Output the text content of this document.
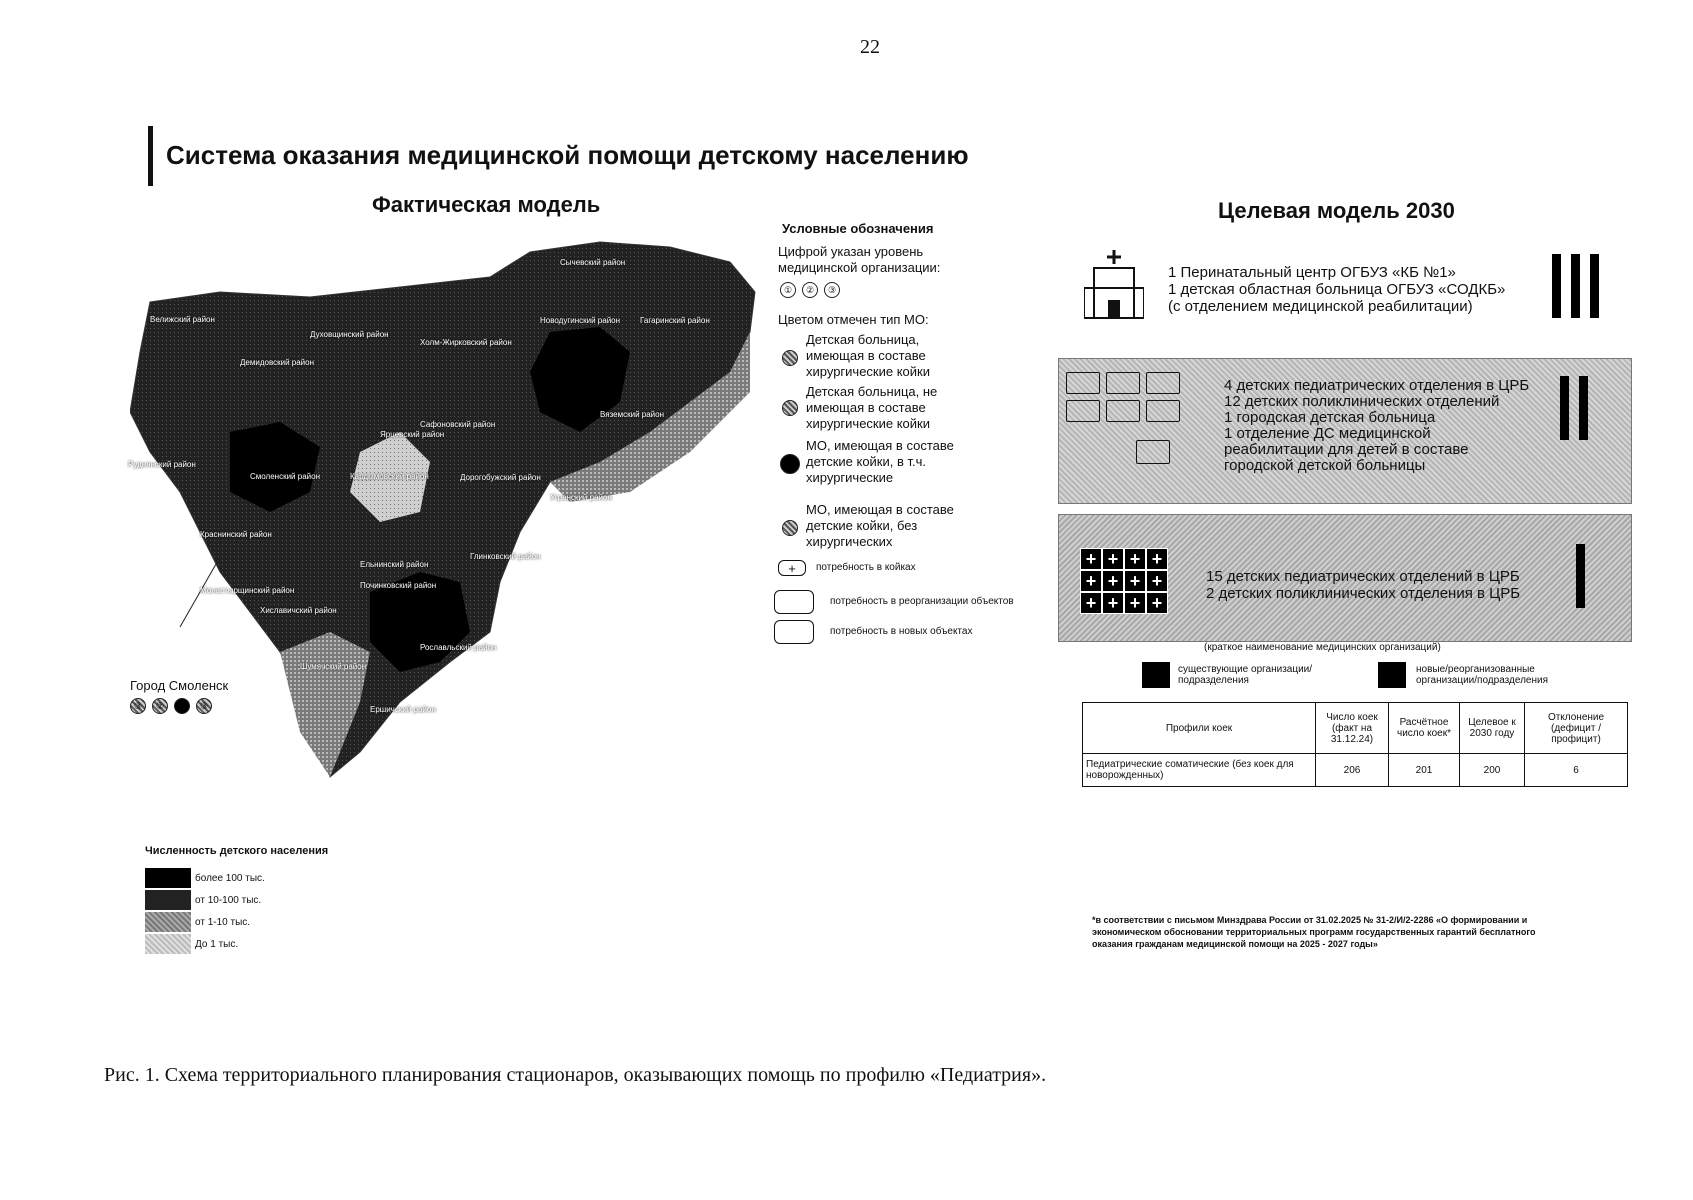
22
Система оказания медицинской помощи детскому населению
Фактическая модель
Город Смоленск
③	②	③
Численность детского населения
более 100 тыс.
от 10-100 тыс.
от 1-10 тыс.
До 1 тыс.
Условные обозначения
Цифрой указан уровень медицинской организации:
①	②	③
Цветом отмечен тип МО:
Детская больница, имеющая в составе хирургические койки
Детская больница, не имеющая в составе хирургические койки
МО, имеющая в составе детские койки, в т.ч. хирургические
МО, имеющая в составе детские койки, без хирургических
+	потребность в койках
потребность в реорганизации объектов
потребность в новых объектах
Целевая модель 2030
1 Перинатальный центр ОГБУЗ «КБ №1»
1 детская областная больница ОГБУЗ «СОДКБ»
(с отделением медицинской реабилитации)
4 детских педиатрических отделения в ЦРБ
12 детских поликлинических отделений
1 городская детская больница
1 отделение ДС медицинской
реабилитации для детей в составе
городской детской больницы
+ + + +
+ + + +
+ + + +
15 детских педиатрических отделений в ЦРБ
2 детских поликлинических отделения в ЦРБ
(краткое наименование медицинских организаций)
существующие организации/подразделения
новые/реорганизованные организации/подразделения
Профили коек	Число коек (факт на 31.12.24)	Расчётное число коек*	Целевое к 2030 году	Отклонение (дефицит / профицит)
Педиатрические соматические (без коек для новорожденных)	206	201	200	6
*в соответствии с письмом Минздрава России от 31.02.2025 № 31-2/И/2-2286 «О формировании и экономическом обосновании территориальных программ государственных гарантий бесплатного оказания гражданам медицинской помощи на 2025 - 2027 годы»
Рис. 1. Схема территориального планирования стационаров, оказывающих помощь по профилю «Педиатрия».
Сычевский район
Велижский район	Новодугинский район Гагаринский район
Духовщинский район
Демидовский район
Холм-Жирковский район
Вяземский район
Сафоновский район
Ярцевский район
Руднянский район
Смоленский район	Кардымовский район	Дорогобужский район
Угранский район
Краснинский район
Глинковский район
Ельнинский район
Монастырщинский район
Починковский район
Хиславичский район
Рославльский район
Шумячский район
Ершичский район
